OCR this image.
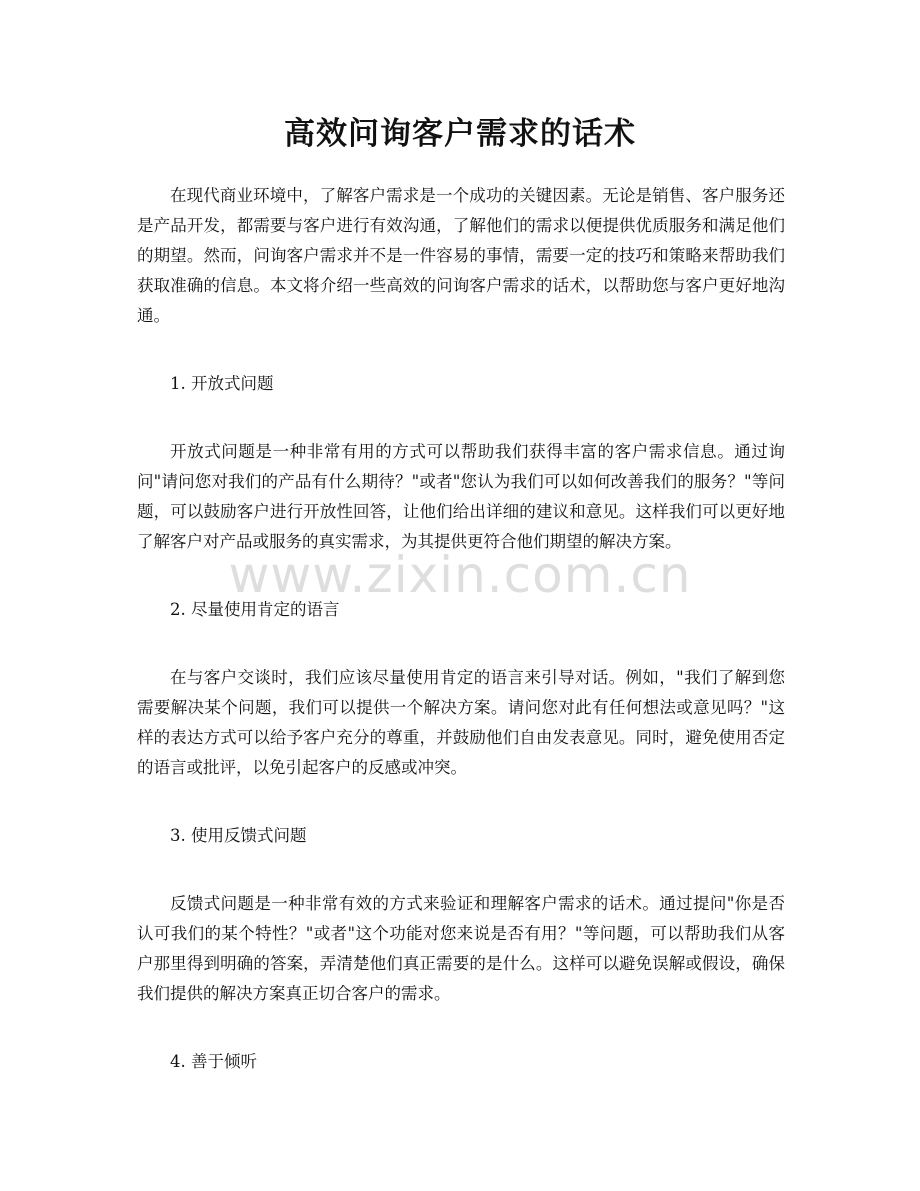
高效问询客户需求的话术

在现代商业环境中，了解客户需求是一个成功的关键因素。无论是销售、客户服务还是产品开发，都需要与客户进行有效沟通，了解他们的需求以便提供优质服务和满足他们的期望。然而，问询客户需求并不是一件容易的事情，需要一定的技巧和策略来帮助我们获取准确的信息。本文将介绍一些高效的问询客户需求的话术，以帮助您与客户更好地沟通。

1. 开放式问题

开放式问题是一种非常有用的方式可以帮助我们获得丰富的客户需求信息。通过询问"请问您对我们的产品有什么期待？"或者"您认为我们可以如何改善我们的服务？"等问题，可以鼓励客户进行开放性回答，让他们给出详细的建议和意见。这样我们可以更好地了解客户对产品或服务的真实需求，为其提供更符合他们期望的解决方案。

2. 尽量使用肯定的语言

在与客户交谈时，我们应该尽量使用肯定的语言来引导对话。例如，"我们了解到您需要解决某个问题，我们可以提供一个解决方案。请问您对此有任何想法或意见吗？"这样的表达方式可以给予客户充分的尊重，并鼓励他们自由发表意见。同时，避免使用否定的语言或批评，以免引起客户的反感或冲突。

3. 使用反馈式问题

反馈式问题是一种非常有效的方式来验证和理解客户需求的话术。通过提问"你是否认可我们的某个特性？"或者"这个功能对您来说是否有用？"等问题，可以帮助我们从客户那里得到明确的答案，弄清楚他们真正需要的是什么。这样可以避免误解或假设，确保我们提供的解决方案真正切合客户的需求。

4. 善于倾听

www.zixin.com.cn
